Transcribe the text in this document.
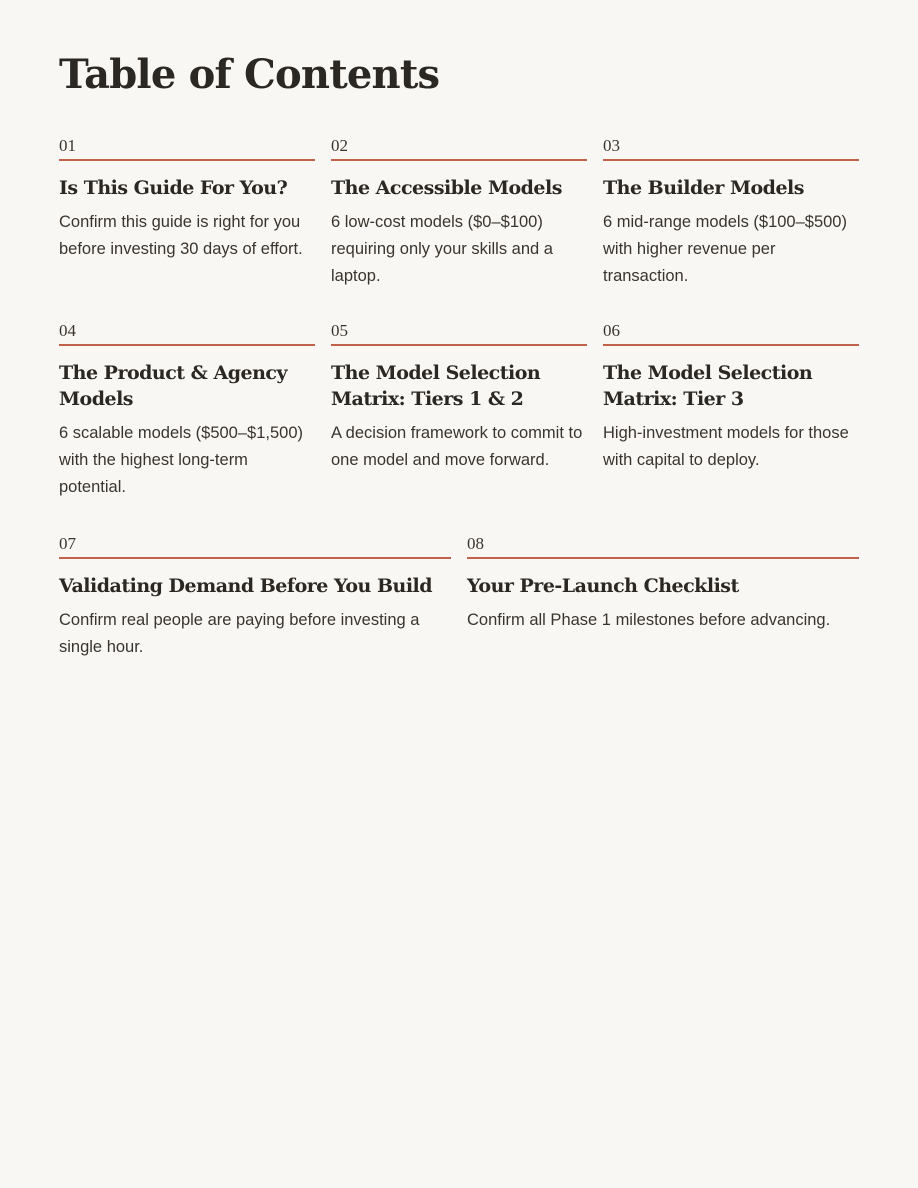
Table of Contents
01
Is This Guide For You?
Confirm this guide is right for you before investing 30 days of effort.
02
The Accessible Models
6 low-cost models ($0–$100) requiring only your skills and a laptop.
03
The Builder Models
6 mid-range models ($100–$500) with higher revenue per transaction.
04
The Product & Agency Models
6 scalable models ($500–$1,500) with the highest long-term potential.
05
The Model Selection Matrix: Tiers 1 & 2
A decision framework to commit to one model and move forward.
06
The Model Selection Matrix: Tier 3
High-investment models for those with capital to deploy.
07
Validating Demand Before You Build
Confirm real people are paying before investing a single hour.
08
Your Pre-Launch Checklist
Confirm all Phase 1 milestones before advancing.
